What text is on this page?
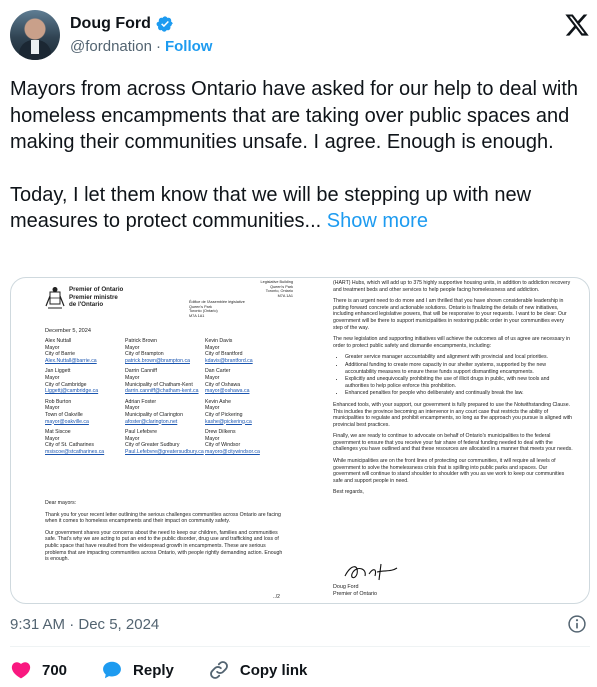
Doug Ford
@fordnation · Follow

Mayors from across Ontario have asked for our help to deal with homeless encampments that are taking over public spaces and making their communities unsafe. I agree. Enough is enough.

Today, I let them know that we will be stepping up with new measures to protect communities... Show more

Premier of Ontario
Premier ministre
de l'Ontario
Legislative Building
Queen's Park
Toronto, Ontario
M7A 1A1
Édifice de l'Assemblée législative
Queen's Park
Toronto (Ontario)
M7A 1A1
December 5, 2024
Alex Nuttall
Mayor
City of Barrie
Alex.Nuttall@barrie.ca
Patrick Brown
Mayor
City of Brampton
patrick.brown@brampton.ca
Kevin Davis
Mayor
City of Brantford
kdavis@brantford.ca
Jan Liggett
Mayor
City of Cambridge
Liggettj@cambridge.ca
Darrin Canniff
Mayor
Municipality of Chatham-Kent
darrin.canniff@chatham-kent.ca
Dan Carter
Mayor
City of Oshawa
mayor@oshawa.ca
Rob Burton
Mayor
Town of Oakville
mayor@oakville.ca
Adrian Foster
Mayor
Municipality of Clarington
afoster@clarington.net
Kevin Ashe
Mayor
City of Pickering
kashe@pickering.ca
Mat Siscoe
Mayor
City of St. Catharines
msiscoe@stcatharines.ca
Paul Lefebvre
Mayor
City of Greater Sudbury
Paul.Lefebvre@greatersudbury.ca
Drew Dilkens
Mayor
City of Windsor
mayoro@citywindsor.ca

Dear mayors:

Thank you for your recent letter outlining the serious challenges communities across Ontario are facing when it comes to homeless encampments and their impact on community safety.

Our government shares your concerns about the need to keep our children, families and communities safe. That's why we are acting to put an end to the public disorder, drug use and trafficking and loss of public space that have resulted from the widespread growth in encampments. These are serious problems that are impacting communities across Ontario, with people rightly demanding action. Enough is enough.

../2

(HART) Hubs, which will add up to 375 highly supportive housing units, in addition to addiction recovery and treatment beds and other services to help people facing homelessness and addiction.

There is an urgent need to do more and I am thrilled that you have shown considerable leadership in putting forward concrete and actionable solutions. Ontario is finalizing the details of new initiatives, including enhanced legislative powers, that will be responsive to your requests. I want to be clear: Our government will be there to support municipalities in restoring public order in your communities every step of the way.

The new legislation and supporting initiatives will achieve the outcomes all of us agree are necessary in order to protect public safety and dismantle encampments, including:

• Greater service manager accountability and alignment with provincial and local priorities.
• Additional funding to create more capacity in our shelter systems, supported by the new accountability measures to ensure these funds support dismantling encampments.
• Explicitly and unequivocally prohibiting the use of illicit drugs in public, with new tools and authorities to help police enforce this prohibition.
• Enhanced penalties for people who deliberately and continually break the law.

Enhanced tools, with your support, our government is fully prepared to use the Notwithstanding Clause. This includes the province becoming an intervenor in any court case that restricts the ability of municipalities to regulate and prohibit encampments, so long as the approach you pursue is aligned with provincial best practices.

Finally, we are ready to continue to advocate on behalf of Ontario's municipalities to the federal government to ensure that you receive your fair share of federal funding needed to deal with the challenges you have outlined and that these resources are allocated in a manner that meets your needs.

While municipalities are on the front lines of protecting our communities, it will require all levels of government to solve the homelessness crisis that is spilling into public parks and spaces. Our government will continue to stand shoulder to shoulder with you as we work to keep our communities safe and support people in need.

Best regards,

Doug Ford
Premier of Ontario
9:31 AM · Dec 5, 2024
700	Reply	Copy link
